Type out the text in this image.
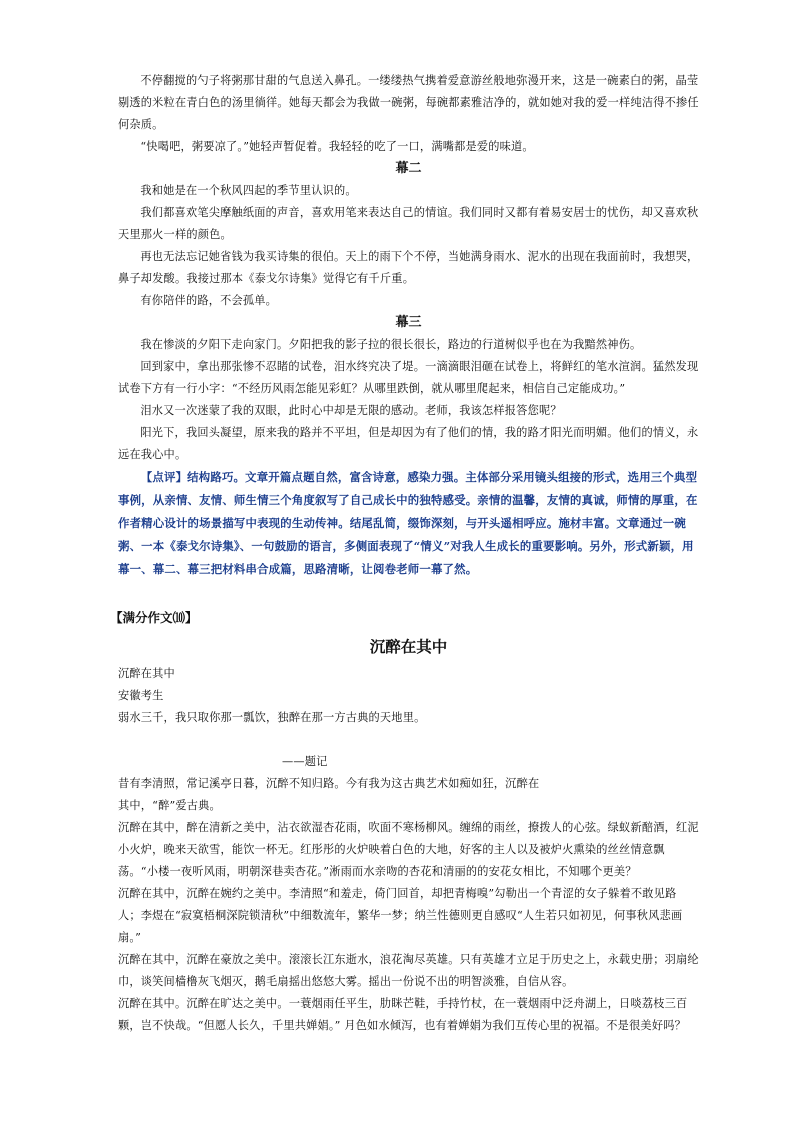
不停翻搅的勺子将粥那甘甜的气息送入鼻孔。一缕缕热气携着爱意游丝般地弥漫开来，这是一碗素白的粥，晶莹剔透的米粒在青白色的汤里徜徉。她每天都会为我做一碗粥，每碗都素雅洁净的，就如她对我的爱一样纯洁得不掺任何杂质。

“快喝吧，粥要凉了。”她轻声暂促着。我轻轻的吃了一口，满嘴都是爱的味道。

幕二

我和她是在一个秋风四起的季节里认识的。

我们都喜欢笔尖摩触纸面的声音，喜欢用笔来表达自己的情谊。我们同时又都有着易安居士的忧伤，却又喜欢秋天里那火一样的颜色。

再也无法忘记她省钱为我买诗集的很伯。天上的雨下个不停，当她满身雨水、泥水的出现在我面前时，我想哭，鼻子却发酸。我接过那本《泰戈尔诗集》觉得它有千斤重。

有你陪伴的路，不会孤单。

幕三

我在惨淡的夕阳下走向家门。夕阳把我的影子拉的很长很长，路边的行道树似乎也在为我黯然神伤。

回到家中，拿出那张惨不忍睹的试卷，泪水终究决了堤。一滴滴眼泪砸在试卷上，将鲜红的笔水渲润。猛然发现试卷下方有一行小字：“不经历风雨怎能见彩虹？从哪里跌倒，就从哪里爬起来，相信自己定能成功。”

泪水又一次迷蒙了我的双眼，此时心中却是无限的感动。老师，我该怎样报答您呢？

阳光下，我回头凝望，原来我的路并不平坦，但是却因为有了他们的情，我的路才阳光而明媚。他们的情义，永远在我心中。

【点评】结构路巧。文章开篇点题自然，富含诗意，感染力强。主体部分采用镜头组接的形式，选用三个典型事例，从亲情、友情、师生情三个角度叙写了自己成长中的独特感受。亲情的温馨，友情的真诚，师情的厚重，在作者精心设计的场景描写中表现的生动传神。结尾乱简，缀饰深刻，与开头遥相呼应。施材丰富。文章通过一碗粥、一本《泰戈尔诗集》、一句鼓励的语言，多侧面表现了“情义”对我人生成长的重要影响。另外，形式新颖，用幕一、幕二、幕三把材料串合成篇，思路清晰，让阅卷老师一幕了然。

【满分作文⑽】
沉醉在其中

沉醉在其中

安徽考生

弱水三千，我只取你那一瓢饮，独醉在那一方古典的天地里。

——题记

昔有李清照，常记溪亭日暮，沉醉不知归路。今有我为这古典艺术如痴如狂，沉醉在

其中，“醉”爱古典。

沉醉在其中，醉在清新之美中，沾衣欲湿杏花雨，吹面不寒杨柳风。缠绵的雨丝，撩拨人的心弦。绿蚁新醅酒，红泥小火炉，晚来天欲雪，能饮一杯无。红彤彤的火炉映着白色的大地，好客的主人以及被炉火熏染的丝丝情意飘荡。“小楼一夜听风雨，明朝深巷卖杏花。”淅雨而水亲吻的杏花和清丽的的安花女相比，不知哪个更美？

沉醉在其中，沉醉在婉约之美中。李清照“和羞走，倚门回首，却把青梅嗅”勾勒出一个青涩的女子躲着不敢见路人；李煜在“寂寞梧桐深院锁清秋”中细数流年，繁华一梦；纳兰性德则更自感叹“人生若只如初见，何事秋风悲画扇。”

沉醉在其中，沉醉在豪放之美中。滚滚长江东逝水，浪花淘尽英雄。只有英雄才立足于历史之上，永载史册；羽扇纶巾，谈笑间樯橹灰飞烟灭，鹅毛扇摇出悠悠大雾。摇出一份说不出的明智淡雅，自信从容。

沉醉在其中。沉醉在旷达之美中。一蓑烟雨任平生，肋眯芒鞋，手持竹杖，在一蓑烟雨中泛舟湖上，日啖荔枝三百颗，岂不快哉。“但愿人长久，千里共婵娟。” 月色如水倾泻，也有着婵娟为我们互传心里的祝福。不是很美好吗？
